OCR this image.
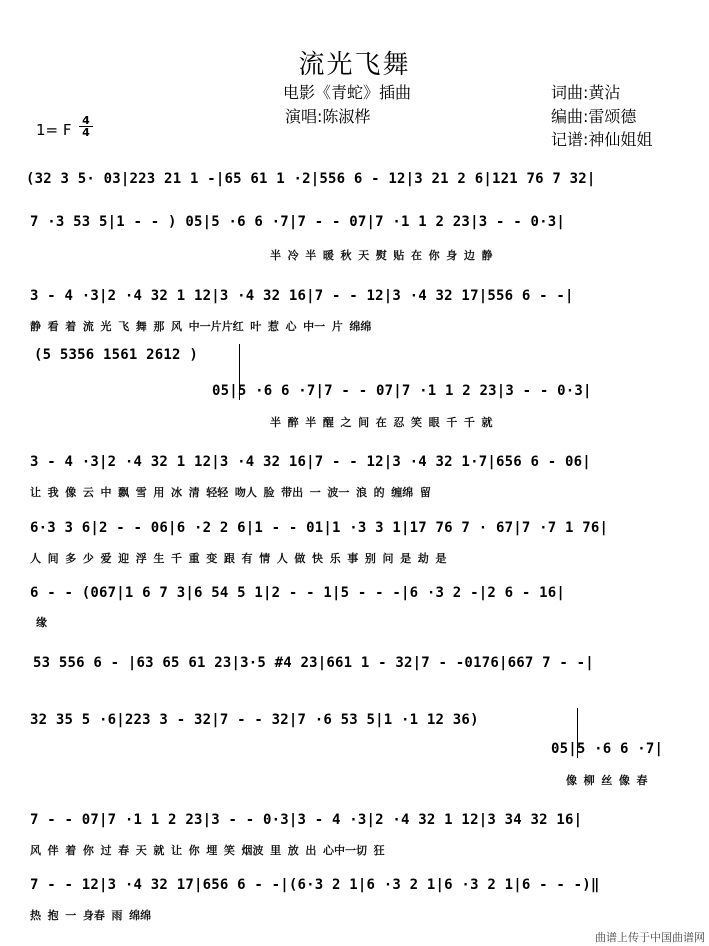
流光飞舞
电影《青蛇》插曲
演唱:陈淑桦
词曲:黄沾
编曲:雷颂德
记谱:神仙姐姐
1= F $\frac{4}{4}$
(32 3 5· 03|223 21 1 -|65 61 1 ·2|556 6 - 12|3 21 2 6|121 76 7 32|
7 ·3 53 5|1 - - ) 05|5 ·6 6 ·7|7 - - 07|7 ·1 1 2 23|3 - - 0·3|
半 冷 半 暖 秋 天 熨 贴 在 你 身 边 静
3 - 4 ·3|2 ·4 32 1 12|3 ·4 32 16|7 - - 12|3 ·4 32 17|556 6 - -|
静 看 着 流 光 飞 舞 那 风 中一片片红 叶 惹 心 中一 片 绵绵
(5 5356 1561 2612 )
05|5 ·6 6 ·7|7 - - 07|7 ·1 1 2 23|3 - - 0·3|
半 醉 半 醒 之 间 在 忍 笑 眼 千 千 就
3 - 4 ·3|2 ·4 32 1 12|3 ·4 32 16|7 - - 12|3 ·4 32 1·7|656 6 - 06|
让 我 像 云 中 飘 雪 用 冰 清 轻轻 吻人 脸 带出 一 波一 浪 的 缠绵 留
6·3 3 6|2 - - 06|6 ·2 2 6|1 - - 01|1 ·3 3 1|17 76 7 · 67|7 ·7 1 76|
人 间 多 少 爱 迎 浮 生 千 重 变 跟 有 情 人 做 快 乐 事 别 问 是 劫 是
6 - - (067|1 6 7 3|6 54 5 1|2 - - 1|5 - - -|6 ·3 2 -|2 6 - 16|
缘
53 556 6 - |63 65 61 23|3·5 #4 23|661 1 - 32|7 - -0176|667 7 - -|
32 35 5 ·6|223 3 - 32|7 - - 32|7 ·6 53 5|1 ·1 12 36)
05|5 ·6 6 ·7|
像 柳 丝 像 春
7 - - 07|7 ·1 1 2 23|3 - - 0·3|3 - 4 ·3|2 ·4 32 1 12|3 34 32 16|
风 伴 着 你 过 春 天 就 让 你 埋 笑 烟波 里 放 出 心中一切 狂
7 - - 12|3 ·4 32 17|656 6 - -|(6·3 2 1|6 ·3 2 1|6 ·3 2 1|6 - - -)‖
热 抱 一 身春 雨 绵绵
曲谱上传于中国曲谱网
